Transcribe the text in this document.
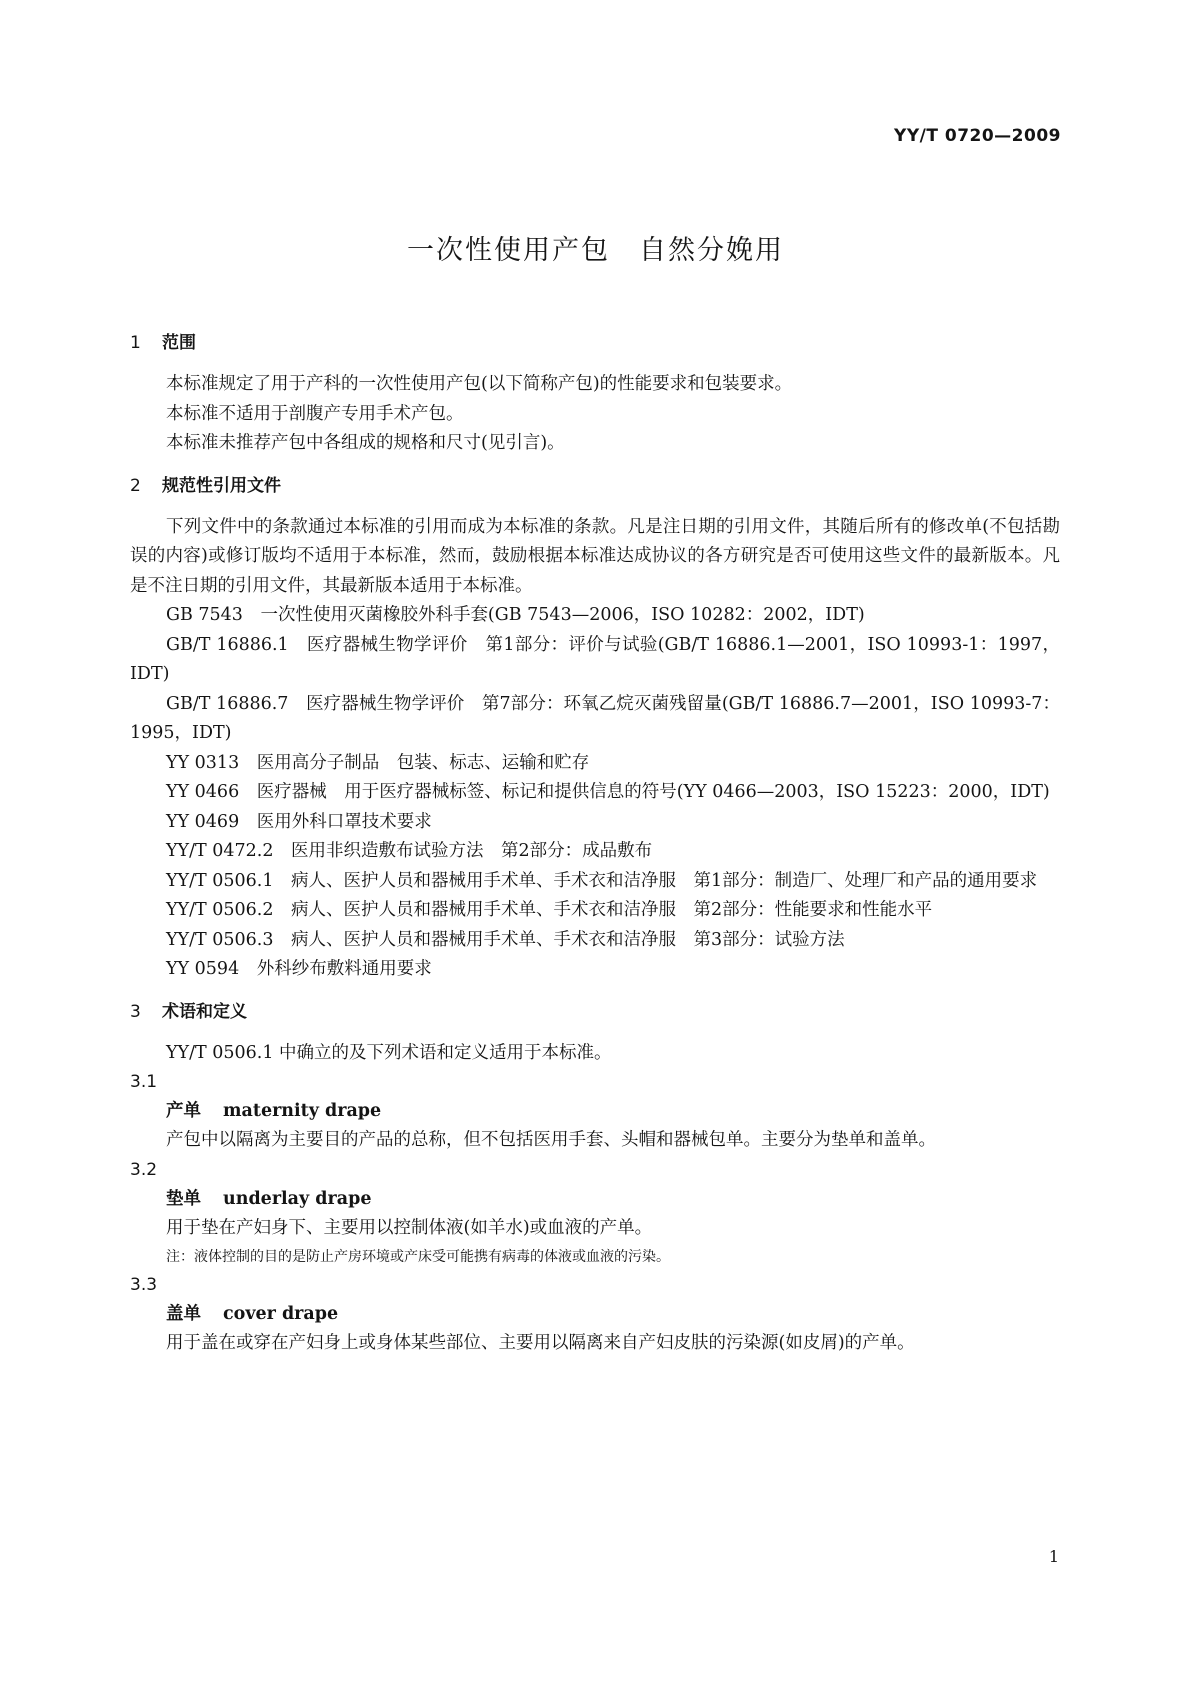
YY/T 0720—2009
一次性使用产包　自然分娩用
1 范围

本标准规定了用于产科的一次性使用产包(以下简称产包)的性能要求和包装要求。

本标准不适用于剖腹产专用手术产包。

本标准未推荐产包中各组成的规格和尺寸(见引言)。

2 规范性引用文件

下列文件中的条款通过本标准的引用而成为本标准的条款。凡是注日期的引用文件，其随后所有的修改单(不包括勘误的内容)或修订版均不适用于本标准，然而，鼓励根据本标准达成协议的各方研究是否可使用这些文件的最新版本。凡是不注日期的引用文件，其最新版本适用于本标准。

GB 7543　一次性使用灭菌橡胶外科手套(GB 7543—2006，ISO 10282：2002，IDT)

GB/T 16886.1　医疗器械生物学评价　第1部分：评价与试验(GB/T 16886.1—2001，ISO 10993-1：1997，IDT)

GB/T 16886.7　医疗器械生物学评价　第7部分：环氧乙烷灭菌残留量(GB/T 16886.7—2001，ISO 10993-7：1995，IDT)

YY 0313　医用高分子制品　包装、标志、运输和贮存

YY 0466　医疗器械　用于医疗器械标签、标记和提供信息的符号(YY 0466—2003，ISO 15223：2000，IDT)

YY 0469　医用外科口罩技术要求

YY/T 0472.2　医用非织造敷布试验方法　第2部分：成品敷布

YY/T 0506.1　病人、医护人员和器械用手术单、手术衣和洁净服　第1部分：制造厂、处理厂和产品的通用要求

YY/T 0506.2　病人、医护人员和器械用手术单、手术衣和洁净服　第2部分：性能要求和性能水平

YY/T 0506.3　病人、医护人员和器械用手术单、手术衣和洁净服　第3部分：试验方法

YY 0594　外科纱布敷料通用要求

3 术语和定义

YY/T 0506.1 中确立的及下列术语和定义适用于本标准。

3.1
产单 maternity drape

产包中以隔离为主要目的产品的总称，但不包括医用手套、头帽和器械包单。主要分为垫单和盖单。

3.2
垫单 underlay drape

用于垫在产妇身下、主要用以控制体液(如羊水)或血液的产单。

注：液体控制的目的是防止产房环境或产床受可能携有病毒的体液或血液的污染。
3.3
盖单 cover drape

用于盖在或穿在产妇身上或身体某些部位、主要用以隔离来自产妇皮肤的污染源(如皮屑)的产单。

1
